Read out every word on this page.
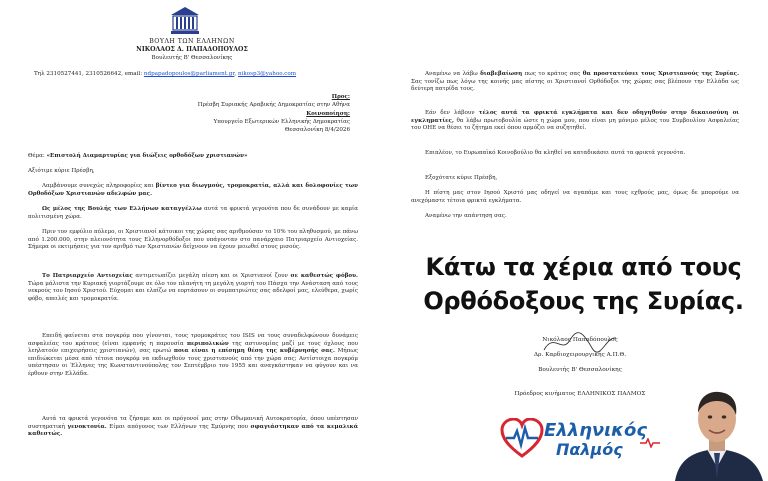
ΒΟΥΛΗ ΤΩΝ ΕΛΛΗΝΩΝ
ΝΙΚΟΛΑΟΣ Δ. ΠΑΠΑΔΟΠΟΥΛΟΣ
Βουλευτής Β' Θεσσαλονίκης
Τηλ 2310527441, 2310526642, email: ndpapadopoulos@parliament.gr, nikosp3@yahoo.com
Προς:
Πρέσβη Συριακής Αραβικής Δημοκρατίας στην Αθήνα
Κοινοποίηση:
Υπουργείο Εξωτερικών Ελληνικής Δημοκρατίας
Θεσσαλονίκη 8/4/2026
Θέμα: «Επιστολή Διαμαρτυρίας για διώξεις ορθοδόξων χριστιανών»
Αξιότιμε κύριε Πρέσβη,
Λαμβάνουμε συνεχώς πληροφορίες και βίντεο για διωγμούς, τρομοκρατία, αλλά και δολοφονίες των Ορθοδόξων Χριστιανών αδελφών μας.
Ως μέλος της Βουλής των Ελλήνων καταγγέλλω αυτά τα φρικτά γεγονότα που δε συνάδουν με καμία πολιτισμένη χώρα.
Πριν τον εμφύλιο πόλεμο, οι Χριστιανοί κάτοικοι της χώρας σας αριθμούσαν το 10% του πληθυσμού, με πάνω από 1.200.000, στην πλειονότητα τους Ελληνορθόδοξοι που υπάγονταν στο πανάρχαιο Πατριαρχείο Αντιοχείας. Σήμερα οι εκτιμήσεις για τον αριθμό των Χριστιανών δείχνουν να έχουν μειωθεί στους μισούς.
Το Πατριαρχείο Αντιοχείας αντιμετωπίζει μεγάλη πίεση και οι Χριστιανοί ζουν σε καθεστώς φόβου. Τώρα μάλιστα την Κυριακή γιορτάζουμε σε όλο τον πλανήτη τη μεγάλη γιορτή του Πάσχα την Ανάσταση από τους νεκρούς του Ιησού Χριστού. Εύχομαι και ελπίζω να εορτάσουν οι συμπατριώτες σας αδελφοί μας, ελεύθερα, χωρίς φόβο, απειλές και τρομοκρατία.
Επειδή φαίνεται στα πογκρόμ που γίνονται, τους τρομοκράτες του ISIS να τους συναδελφώνουν δυνάμεις ασφαλείας του κράτους (είναι εμφανής η παρουσία περιπολικών της αστυνομίας μαζί με τους όχλους που λεηλατούν επιχειρήσεις χριστιανών), σας ερωτώ ποια είναι η επίσημη θέση της κυβέρνησής σας. Μήπως επιδιώκεται μέσα από τέτοια πογκρόμ να εκδιωχθούν τους χριστιανούς από την χώρα σας; Αντίστοιχα πογκρόμ υπέστησαν οι Έλληνες της Κωνσταντινούπολης τον Σεπτέμβριο του 1955 και αναγκάστηκαν να φύγουν και να έρθουν στην Ελλάδα.
Αυτά τα φρικτά γεγονότα τα ζήσαμε και οι πρόγονοί μας στην Οθωμανική Αυτοκρατορία, όπου υπέστησαν συστηματική γενοκτονία. Είμαι απόγονος των Ελλήνων της Σμύρνης που σφαγιάστηκαν από τα κεμαλικά καθεστώς.
Αναμένω να λάβω διαβεβαίωση πως το κράτος σας θα προστατεύσει τους Χριστιανούς της Συρίας. Σας τονίζω πως λόγω της κοινής μας πίστης οι Χριστιανοί Ορθόδοξοι της χώρας σας βλέπουν την Ελλάδα ως δεύτερη πατρίδα τους.
Εάν δεν λάβουν τέλος αυτά τα φρικτά εγκλήματα και δεν οδηγηθούν στην δικαιοσύνη οι εγκληματίες, θα λάβω πρωτοβουλία ώστε η χώρα μου, που είναι μη μόνιμο μέλος του Συμβουλίου Ασφαλείας του ΟΗΕ να θέσει το ζήτημα εκεί όπου αρμόζει να συζητηθεί.
Επιπλέον, το Ευρωπαϊκό Κοινοβούλιο θα κληθεί να καταδικάσει αυτά τα φρικτά γεγονότα.
Εξοχότατε κύριε Πρέσβη,
Η πίστη μας στον Ιησού Χριστό μας οδηγεί να αγαπάμε και τους εχθρούς μας, όμως δε μπορούμε να ανεχόμαστε τέτοια φρικτά εγκλήματα.
Αναμένω την απάντηση σας.
Κάτω τα χέρια από τους
Ορθόδοξους της Συρίας.
Νικόλαος Παπαδόπουλος
Δρ. Καρδιοχειρουργικής Α.Π.Θ.
Βουλευτής Β' Θεσσαλονίκης
Πρόεδρος κινήματος ΕΛΛΗΝΙΚΟΣ ΠΑΛΜΟΣ
Ελληνικός
Παλμός
